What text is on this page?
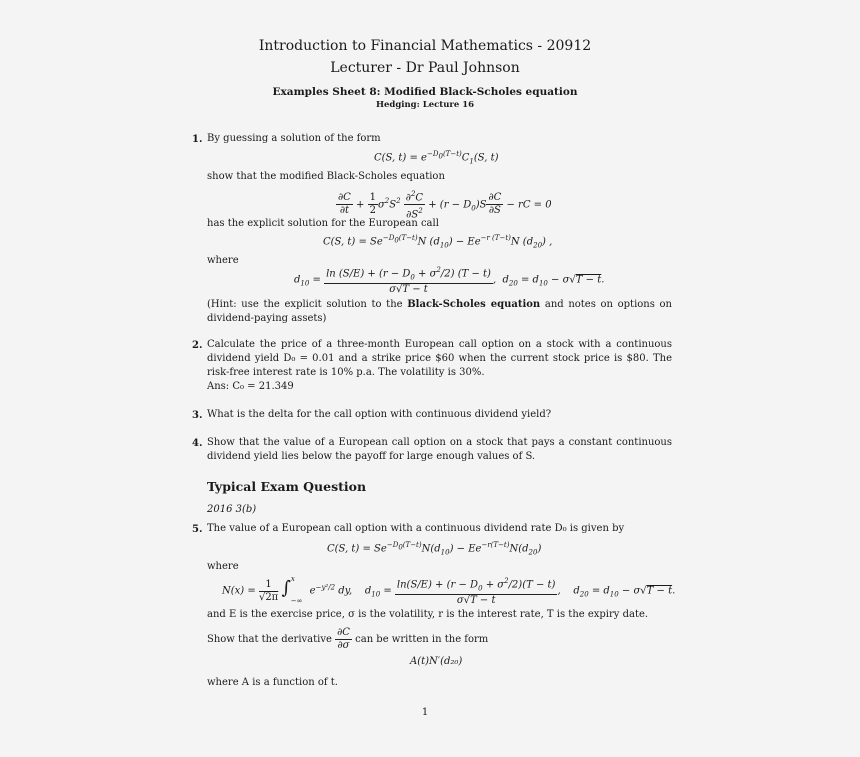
Introduction to Financial Mathematics - 20912
Lecturer - Dr Paul Johnson
Examples Sheet 8: Modified Black-Scholes equation
Hedging: Lecture 16
1. By guessing a solution of the form
C(S, $t) = e^{-D_0(T-t)}C_1(S$, t)
show that the modified Black-Scholes equation
$\frac{\partial C}{\partial t} + \frac{1}{2} \sigma^2S^2 \frac{\partial^2C}{\partial S^2} + (r - D_0)S \frac{\partial C}{\partial S}$ − rC = 0
has the explicit solution for the European call
C(S, $t) = Se^{-D_0(T-t)}N$ $(d_{10}) - Ee^{-r (T-t)}N$ $(d_{20})$ ,
where
$d_{10} = \frac{\ln (S/E) + (r - D_0 + \sigma^2/2) (T - t)}{\sigma√T - t}$ ,  $d_{20} = d_{10} - \sigma√T - t$.
(Hint: use the explicit solution to the Black-Scholes equation and notes on options on dividend-paying assets)
2. Calculate the price of a three-month European call option on a stock with a continuous dividend yield D₀ = 0.01 and a strike price $60 when the current stock price is $80. The risk-free interest rate is 10% p.a. The volatility is 30%.
Ans: C₀ = 21.349
3. What is the delta for the call option with continuous dividend yield?
4. Show that the value of a European call option on a stock that pays a constant continuous dividend yield lies below the payoff for large enough values of S.
Typical Exam Question
2016 3(b)
5. The value of a European call option with a continuous dividend rate D₀ is given by
C(S, $t) = Se^{-D_0(T-t)}N(d_{10}) - Ee^{-r(T-t)}N(d_{20})$
where
$N(x) = \frac{1}{√2\pi} \int^x_{-\infty}$ $e^{-y^2/2}$ dy,    $d_{10} = \frac{\ln(S/E) + (r - D_0 + \sigma^2/2)(T - t)}{\sigma√T - t}$ ,    $d_{20} = d_{10} - \sigma√T - t$.
and E is the exercise price, σ is the volatility, r is the interest rate, T is the expiry date.
Show that the derivative $\frac{\partial C}{\partial\sigma}$ can be written in the form
A(t)N′(d₂₀)
where A is a function of t.
1
